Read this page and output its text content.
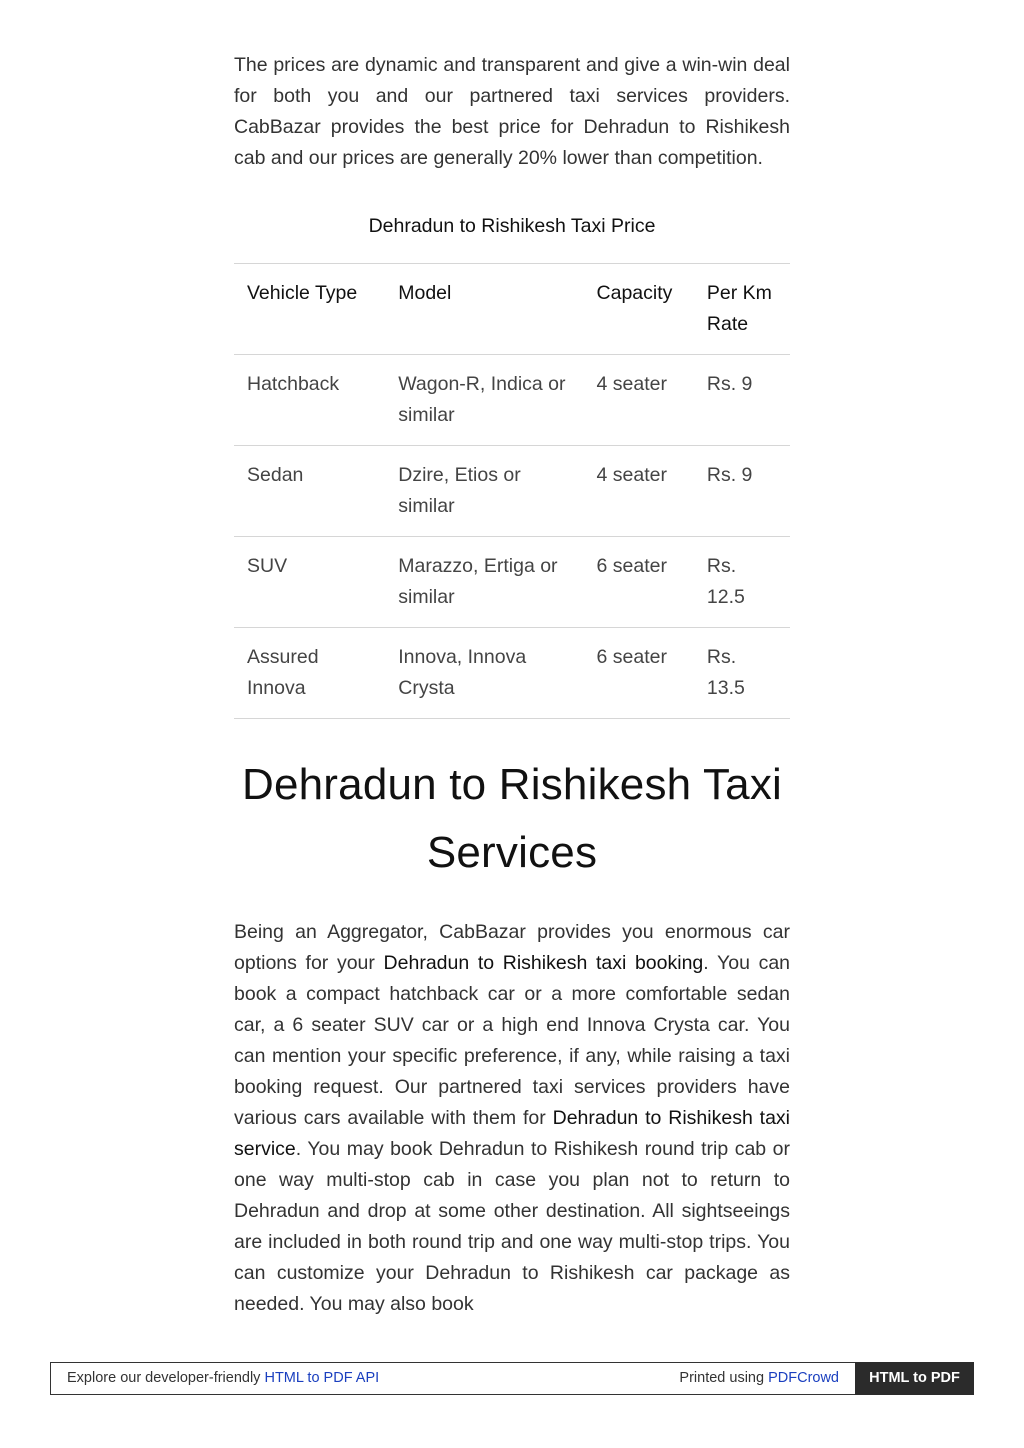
The prices are dynamic and transparent and give a win-win deal for both you and our partnered taxi services providers. CabBazar provides the best price for Dehradun to Rishikesh cab and our prices are generally 20% lower than competition.

Dehradun to Rishikesh Taxi Price
Vehicle Type	Model	Capacity	Per Km Rate
Hatchback	Wagon-R, Indica or similar	4 seater	Rs. 9
Sedan	Dzire, Etios or similar	4 seater	Rs. 9
SUV	Marazzo, Ertiga or similar	6 seater	Rs. 12.5
Assured Innova	Innova, Innova Crysta	6 seater	Rs. 13.5
Dehradun to Rishikesh Taxi Services

Being an Aggregator, CabBazar provides you enormous car options for your Dehradun to Rishikesh taxi booking. You can book a compact hatchback car or a more comfortable sedan car, a 6 seater SUV car or a high end Innova Crysta car. You can mention your specific preference, if any, while raising a taxi booking request. Our partnered taxi services providers have various cars available with them for Dehradun to Rishikesh taxi service. You may book Dehradun to Rishikesh round trip cab or one way multi-stop cab in case you plan not to return to Dehradun and drop at some other destination. All sightseeings are included in both round trip and one way multi-stop trips. You can customize your Dehradun to Rishikesh car package as needed. You may also book

Explore our developer-friendly HTML to PDF API	Printed using PDFCrowd	HTML to PDF
